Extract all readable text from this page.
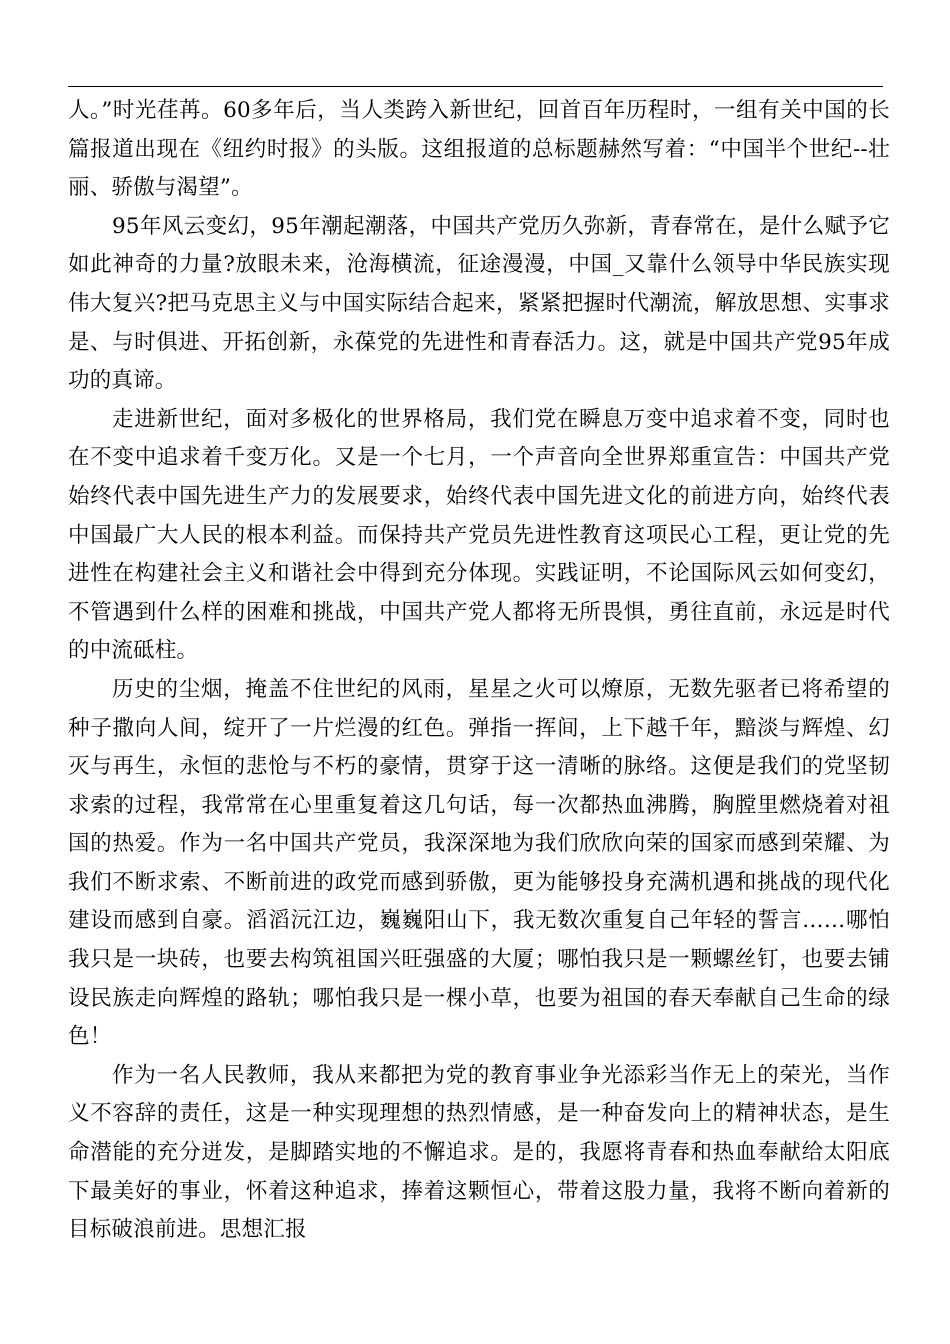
人。”时光荏苒。60多年后，当人类跨入新世纪，回首百年历程时，一组有关中国的长篇报道出现在《纽约时报》的头版。这组报道的总标题赫然写着：“中国半个世纪--壮丽、骄傲与渴望”。

95年风云变幻，95年潮起潮落，中国共产党历久弥新，青春常在，是什么赋予它如此神奇的力量?放眼未来，沧海横流，征途漫漫，中国_又靠什么领导中华民族实现伟大复兴?把马克思主义与中国实际结合起来，紧紧把握时代潮流，解放思想、实事求是、与时俱进、开拓创新，永葆党的先进性和青春活力。这，就是中国共产党95年成功的真谛。

走进新世纪，面对多极化的世界格局，我们党在瞬息万变中追求着不变，同时也在不变中追求着千变万化。又是一个七月，一个声音向全世界郑重宣告：中国共产党始终代表中国先进生产力的发展要求，始终代表中国先进文化的前进方向，始终代表中国最广大人民的根本利益。而保持共产党员先进性教育这项民心工程，更让党的先进性在构建社会主义和谐社会中得到充分体现。实践证明，不论国际风云如何变幻，不管遇到什么样的困难和挑战，中国共产党人都将无所畏惧，勇往直前，永远是时代的中流砥柱。

历史的尘烟，掩盖不住世纪的风雨，星星之火可以燎原，无数先驱者已将希望的种子撒向人间，绽开了一片烂漫的红色。弹指一挥间，上下越千年，黯淡与辉煌、幻灭与再生，永恒的悲怆与不朽的豪情，贯穿于这一清晰的脉络。这便是我们的党坚韧求索的过程，我常常在心里重复着这几句话，每一次都热血沸腾，胸膛里燃烧着对祖国的热爱。作为一名中国共产党员，我深深地为我们欣欣向荣的国家而感到荣耀、为我们不断求索、不断前进的政党而感到骄傲，更为能够投身充满机遇和挑战的现代化建设而感到自豪。滔滔沅江边，巍巍阳山下，我无数次重复自己年轻的誓言……哪怕我只是一块砖，也要去构筑祖国兴旺强盛的大厦；哪怕我只是一颗螺丝钉，也要去铺设民族走向辉煌的路轨；哪怕我只是一棵小草，也要为祖国的春天奉献自己生命的绿色！

作为一名人民教师，我从来都把为党的教育事业争光添彩当作无上的荣光，当作义不容辞的责任，这是一种实现理想的热烈情感，是一种奋发向上的精神状态，是生命潜能的充分迸发，是脚踏实地的不懈追求。是的，我愿将青春和热血奉献给太阳底下最美好的事业，怀着这种追求，捧着这颗恒心，带着这股力量，我将不断向着新的目标破浪前进。思想汇报
